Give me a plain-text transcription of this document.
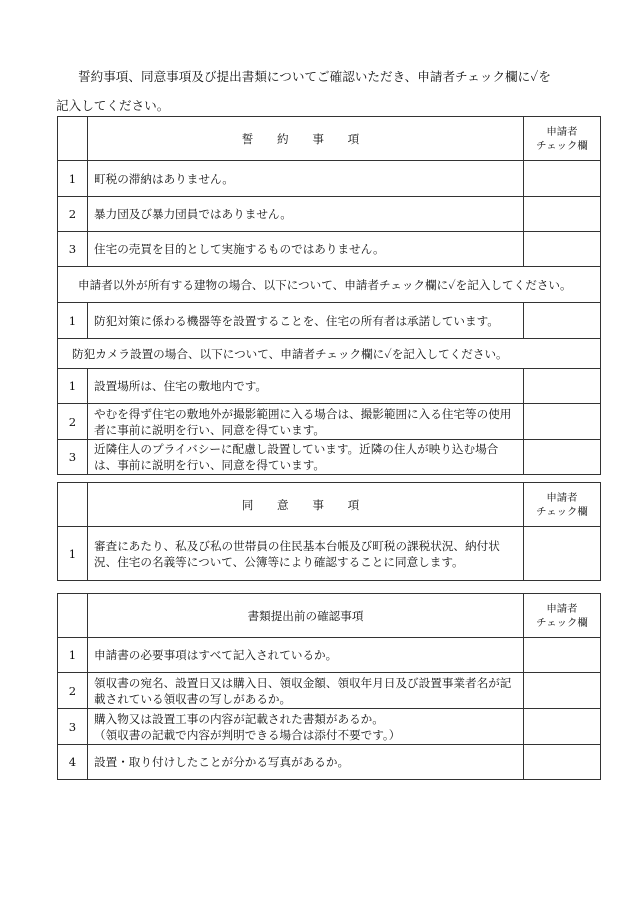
誓約事項、同意事項及び提出書類についてご確認いただき、申請者チェック欄に✓を

記入してください。

	誓 約 事 項	申請者
チェック欄
1	町税の滞納はありません。	
2	暴力団及び暴力団員ではありません。	
3	住宅の売買を目的として実施するものではありません。	
申請者以外が所有する建物の場合、以下について、申請者チェック欄に✓を記入してください。		
1	防犯対策に係わる機器等を設置することを、住宅の所有者は承諾しています。	
防犯カメラ設置の場合、以下について、申請者チェック欄に✓を記入してください。		
1	設置場所は、住宅の敷地内です。	
2	やむを得ず住宅の敷地外が撮影範囲に入る場合は、撮影範囲に入る住宅等の使用者に事前に説明を行い、同意を得ています。	
3	近隣住人のプライバシーに配慮し設置しています。近隣の住人が映り込む場合は、事前に説明を行い、同意を得ています。	
	同 意 事 項	申請者
チェック欄
1	審査にあたり、私及び私の世帯員の住民基本台帳及び町税の課税状況、納付状況、住宅の名義等について、公簿等により確認することに同意します。	
	書類提出前の確認事項	申請者
チェック欄
1	申請書の必要事項はすべて記入されているか。	
2	領収書の宛名、設置日又は購入日、領収金額、領収年月日及び設置事業者名が記載されている領収書の写しがあるか。	
3	購入物又は設置工事の内容が記載された書類があるか。
（領収書の記載で内容が判明できる場合は添付不要です。）	
4	設置・取り付けしたことが分かる写真があるか。	
